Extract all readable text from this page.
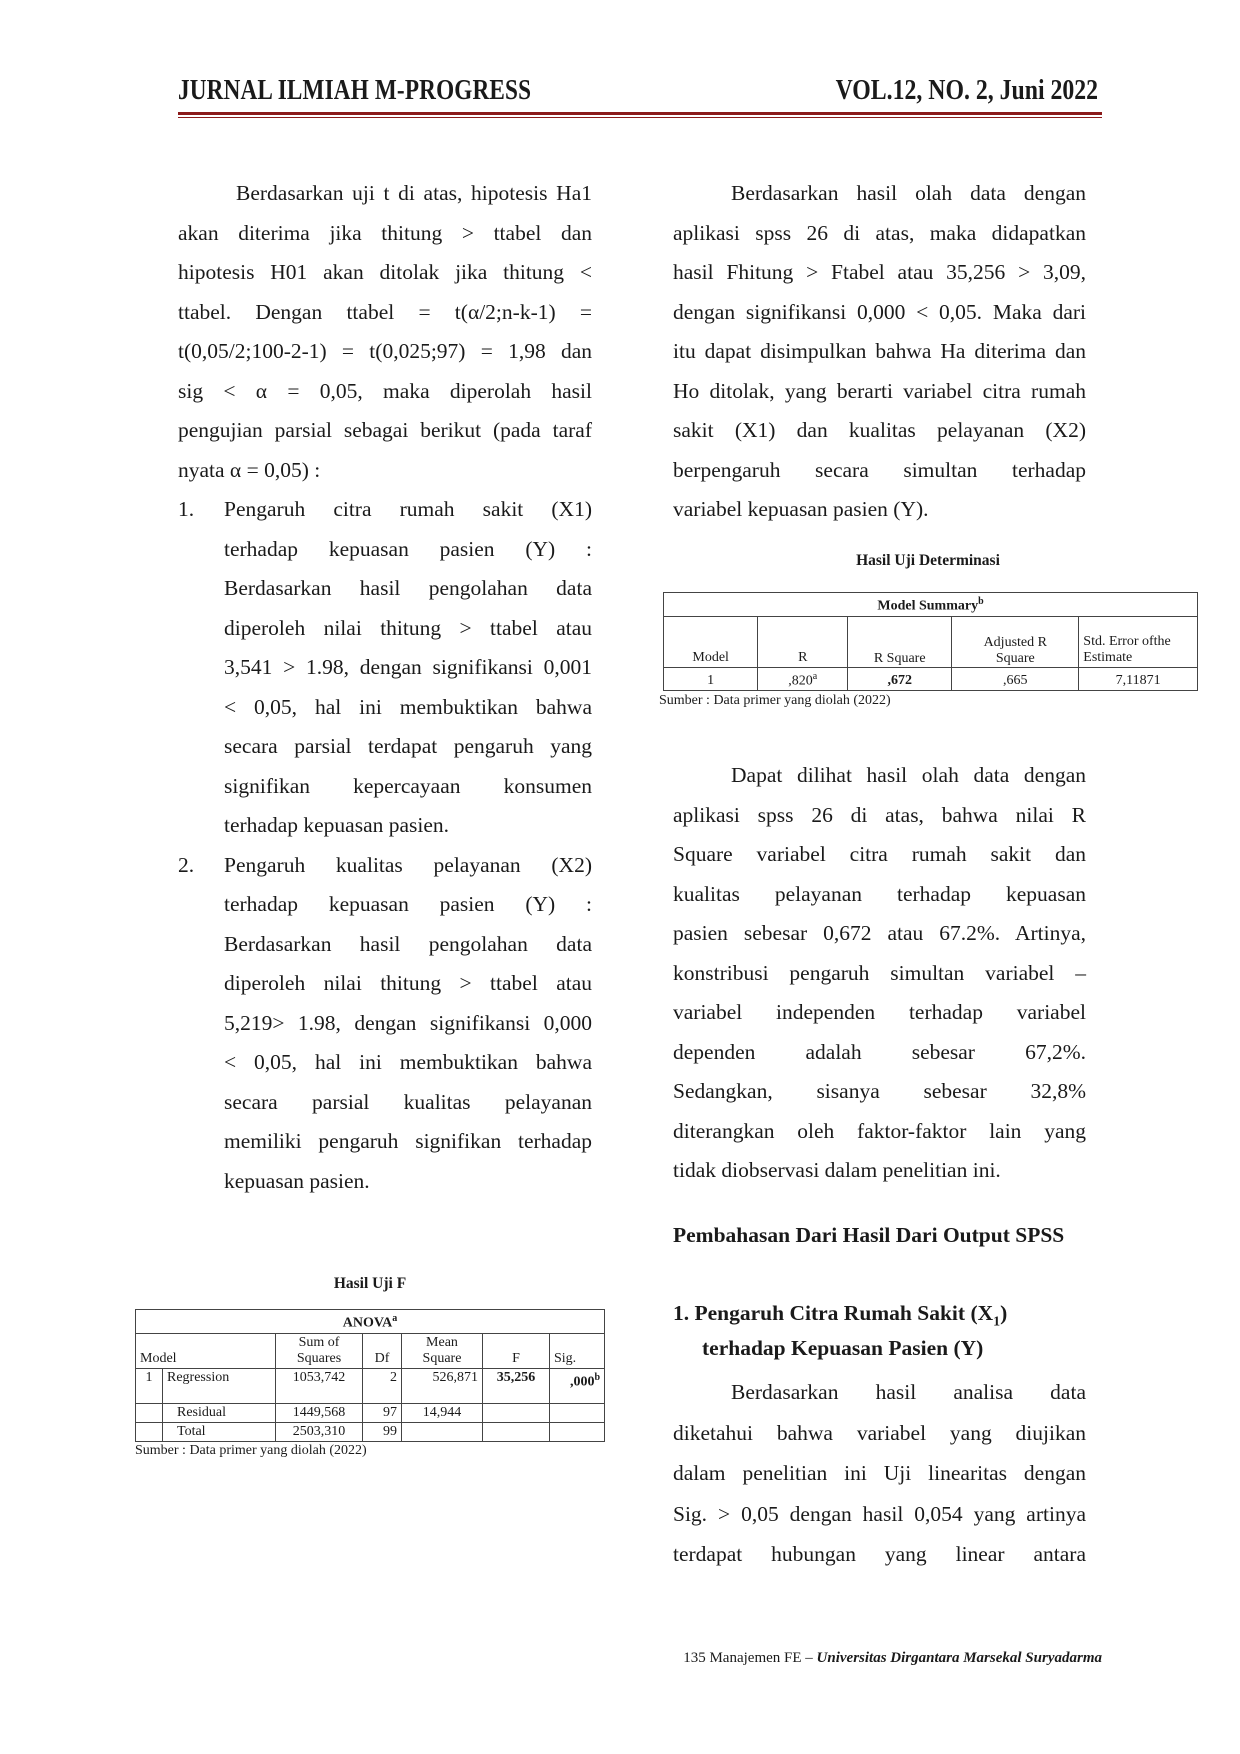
JURNAL ILMIAH M-PROGRESS	VOL.12, NO. 2, Juni 2022

Berdasarkan uji t di atas, hipotesis Ha1

akan diterima jika thitung > ttabel dan

hipotesis H01 akan ditolak jika thitung <

ttabel. Dengan ttabel = t(α/2;n-k-1) =

t(0,05/2;100-2-1) = t(0,025;97) = 1,98 dan

sig < α = 0,05, maka diperolah hasil

pengujian parsial sebagai berikut (pada taraf

nyata α = 0,05) :

1. Pengaruh citra rumah sakit (X1)

terhadap kepuasan pasien (Y) :

Berdasarkan hasil pengolahan data

diperoleh nilai thitung > ttabel atau

3,541 > 1.98, dengan signifikansi 0,001

< 0,05, hal ini membuktikan bahwa

secara parsial terdapat pengaruh yang

signifikan kepercayaan konsumen

terhadap kepuasan pasien.

2. Pengaruh kualitas pelayanan (X2)

terhadap kepuasan pasien (Y) :

Berdasarkan hasil pengolahan data

diperoleh nilai thitung > ttabel atau

5,219> 1.98, dengan signifikansi 0,000

< 0,05, hal ini membuktikan bahwa

secara parsial kualitas pelayanan

memiliki pengaruh signifikan terhadap

kepuasan pasien.

Hasil Uji F
ANOVA$^a$
Model		Sum of Squares	Df	Mean Square	F	Sig.
1	Regression	1053,742	2	526,871	35,256	,000$^b$
	Residual	1449,568	97	14,944		
	Total	2503,310	99			
Sumber : Data primer yang diolah (2022)

Berdasarkan hasil olah data dengan

aplikasi spss 26 di atas, maka didapatkan

hasil Fhitung > Ftabel atau 35,256 > 3,09,

dengan signifikansi 0,000 < 0,05. Maka dari

itu dapat disimpulkan bahwa Ha diterima dan

Ho ditolak, yang berarti variabel citra rumah

sakit (X1) dan kualitas pelayanan (X2)

berpengaruh secara simultan terhadap

variabel kepuasan pasien (Y).

Hasil Uji Determinasi
Model Summary$^b$
Model	R	R Square	Adjusted R Square	Std. Error ofthe Estimate
1	,820$^a$	,672	,665	7,11871
Sumber : Data primer yang diolah (2022)

Dapat dilihat hasil olah data dengan

aplikasi spss 26 di atas, bahwa nilai R

Square variabel citra rumah sakit dan

kualitas pelayanan terhadap kepuasan

pasien sebesar 0,672 atau 67.2%. Artinya,

konstribusi pengaruh simultan variabel –

variabel independen terhadap variabel

dependen adalah sebesar 67,2%.

Sedangkan, sisanya sebesar 32,8%

diterangkan oleh faktor-faktor lain yang

tidak diobservasi dalam penelitian ini.

Pembahasan Dari Hasil Dari Output SPSS
1. Pengaruh Citra Rumah Sakit $(X_1)$
terhadap Kepuasan Pasien (Y)

Berdasarkan hasil analisa data

diketahui bahwa variabel yang diujikan

dalam penelitian ini Uji linearitas dengan

Sig. > 0,05 dengan hasil 0,054 yang artinya

terdapat hubungan yang linear antara

135 Manajemen FE – Universitas Dirgantara Marsekal Suryadarma
